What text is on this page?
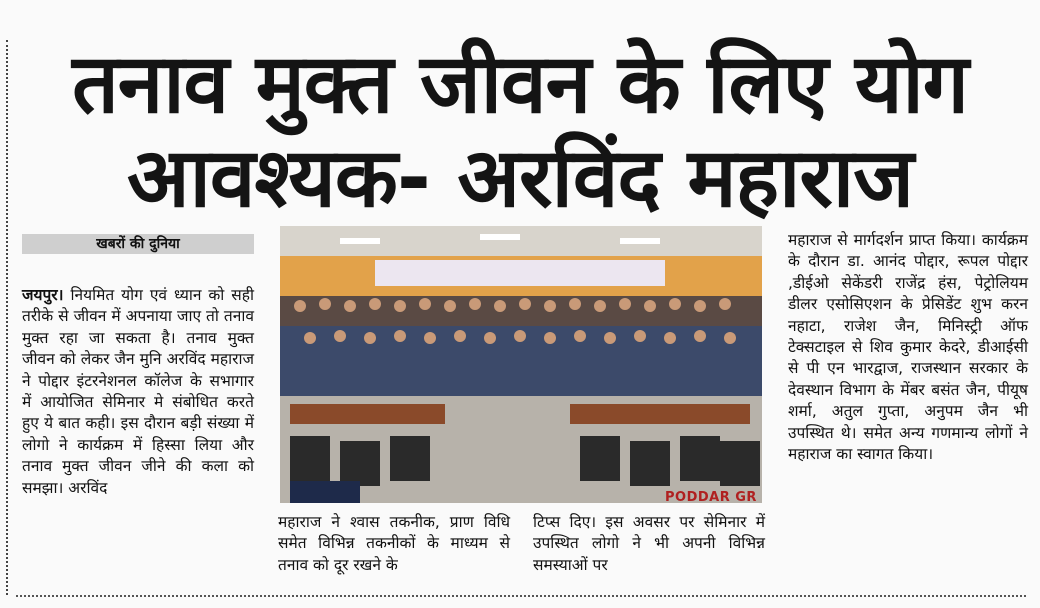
तनाव मुक्त जीवन के लिए योग
आवश्यक- अरविंद महाराज
खबरों की दुनिया

जयपुर। नियमित योग एवं ध्यान को सही तरीके से जीवन में अपनाया जाए तो तनाव मुक्त रहा जा सकता है। तनाव मुक्त जीवन को लेकर जैन मुनि अरविंद महाराज ने पोद्दार इंटरनेशनल कॉलेज के सभागार में आयोजित सेमिनार मे संबोधित करते हुए ये बात कही। इस दौरान बड़ी संख्या में लोगो ने कार्यक्रम में हिस्सा लिया और तनाव मुक्त जीवन जीने की कला को समझा। अरविंद

PODDAR GR

महाराज ने श्वास तकनीक, प्राण विधि समेत विभिन्न तकनीकों के माध्यम से तनाव को दूर रखने के

टिप्स दिए। इस अवसर पर सेमिनार में उपस्थित लोगो ने भी अपनी विभिन्न समस्याओं पर

महाराज से मार्गदर्शन प्राप्त किया। कार्यक्रम के दौरान डा. आनंद पोद्दार, रूपल पोद्दार ,डीईओ सेकेंडरी राजेंद्र हंस, पेट्रोलियम डीलर एसोसिएशन के प्रेसिडेंट शुभ करन नहाटा, राजेश जैन, मिनिस्ट्री ऑफ टेक्सटाइल से शिव कुमार केदरे, डीआईसी से पी एन भारद्वाज, राजस्थान सरकार के देवस्थान विभाग के मेंबर बसंत जैन, पीयूष शर्मा, अतुल गुप्ता, अनुपम जैन भी उपस्थित थे। समेत अन्य गणमान्य लोगों ने महाराज का स्वागत किया।
